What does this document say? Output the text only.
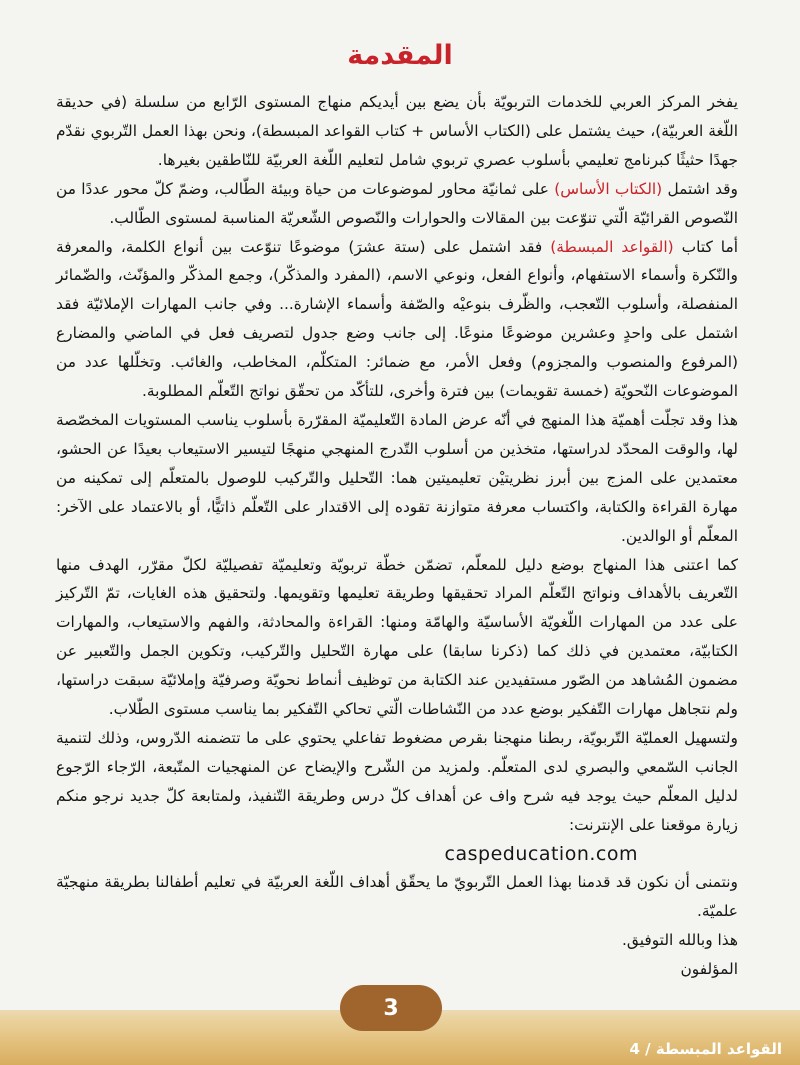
المقدمة

يفخر المركز العربي للخدمات التربويّة بأن يضع بين أيديكم منهاج المستوى الرّابع من سلسلة (في حديقة اللّغة العربيّة)، حيث يشتمل على (الكتاب الأساس + كتاب القواعد المبسطة)، ونحن بهذا العمل التّربوي نقدّم جهدًا حثيثًا كبرنامج تعليمي بأسلوب عصري تربوي شامل لتعليم اللّغة العربيّة للنّاطقين بغيرها.

وقد اشتمل (الكتاب الأساس) على ثمانيّة محاور لموضوعات من حياة وبيئة الطّالب، وضمّ كلّ محور عددًا من النّصوص القرائيّة الّتي تنوّعت بين المقالات والحوارات والنّصوص الشّعريّة المناسبة لمستوى الطّالب.

أما كتاب (القواعد المبسطة) فقد اشتمل على (ستة عشرَ) موضوعًا تنوّعت بين أنواع الكلمة، والمعرفة والنّكرة وأسماء الاستفهام، وأنواع الفعل، ونوعي الاسم، (المفرد والمذكّر)، وجمع المذكّر والمؤنّث، والضّمائر المنفصلة، وأسلوب التّعجب، والظّرف بنوعيْه والصّفة وأسماء الإشارة... وفي جانب المهارات الإملائيّة فقد اشتمل على واحدٍ وعشرين موضوعًا منوعًا. إلى جانب وضع جدول لتصريف فعل في الماضي والمضارع (المرفوع والمنصوب والمجزوم) وفعل الأمر، مع ضمائر: المتكلّم، المخاطب، والغائب. وتخلّلها عدد من الموضوعات النّحويّة (خمسة تقويمات) بين فترة وأخرى، للتأكّد من تحقّق نواتج التّعلّم المطلوبة.

هذا وقد تجلّت أهميّة هذا المنهج في أنّه عرض المادة التّعليميّة المقرّرة بأسلوب يناسب المستويات المخصّصة لها، والوقت المحدّد لدراستها، متخذين من أسلوب التّدرج المنهجي منهجًا لتيسير الاستيعاب بعيدًا عن الحشو، معتمدين على المزج بين أبرز نظريتيْن تعليميتين هما: التّحليل والتّركيب للوصول بالمتعلّم إلى تمكينه من مهارة القراءة والكتابة، واكتساب معرفة متوازنة تقوده إلى الاقتدار على التّعلّم ذاتيًّا، أو بالاعتماد على الآخر: المعلّم أو الوالدين.

كما اعتنى هذا المنهاج بوضع دليل للمعلّم، تضمّن خطّة تربويّة وتعليميّة تفصيليّة لكلّ مقرّر، الهدف منها التّعريف بالأهداف ونواتج التّعلّم المراد تحقيقها وطريقة تعليمها وتقويمها. ولتحقيق هذه الغايات، تمّ التّركيز على عدد من المهارات اللّغويّة الأساسيّة والهامّة ومنها: القراءة والمحادثة، والفهم والاستيعاب، والمهارات الكتابيّة، معتمدين في ذلك كما (ذكرنا سابقا) على مهارة التّحليل والتّركيب، وتكوين الجمل والتّعبير عن مضمون المُشاهد من الصّور مستفيدين عند الكتابة من توظيف أنماط نحويّة وصرفيّة وإملائيّة سبقت دراستها، ولم نتجاهل مهارات التّفكير بوضع عدد من النّشاطات الّتي تحاكي التّفكير بما يناسب مستوى الطّلاب.

ولتسهيل العمليّة التّربويّة، ربطنا منهجنا بقرص مضغوط تفاعلي يحتوي على ما تتضمنه الدّروس، وذلك لتنمية الجانب السّمعي والبصري لدى المتعلّم. ولمزيد من الشّرح والإيضاح عن المنهجيات المتّبعة، الرّجاء الرّجوع لدليل المعلّم حيث يوجد فيه شرح واف عن أهداف كلّ درس وطريقة التّنفيذ، ولمتابعة كلّ جديد نرجو منكم زيارة موقعنا على الإنترنت:

caspeducation.com

ونتمنى أن نكون قد قدمنا بهذا العمل التّربويّ ما يحقّق أهداف اللّغة العربيّة في تعليم أطفالنا بطريقة منهجيّة علميّة.

هذا وبالله التوفيق.

المؤلفون

3
القواعد المبسطة / 4
